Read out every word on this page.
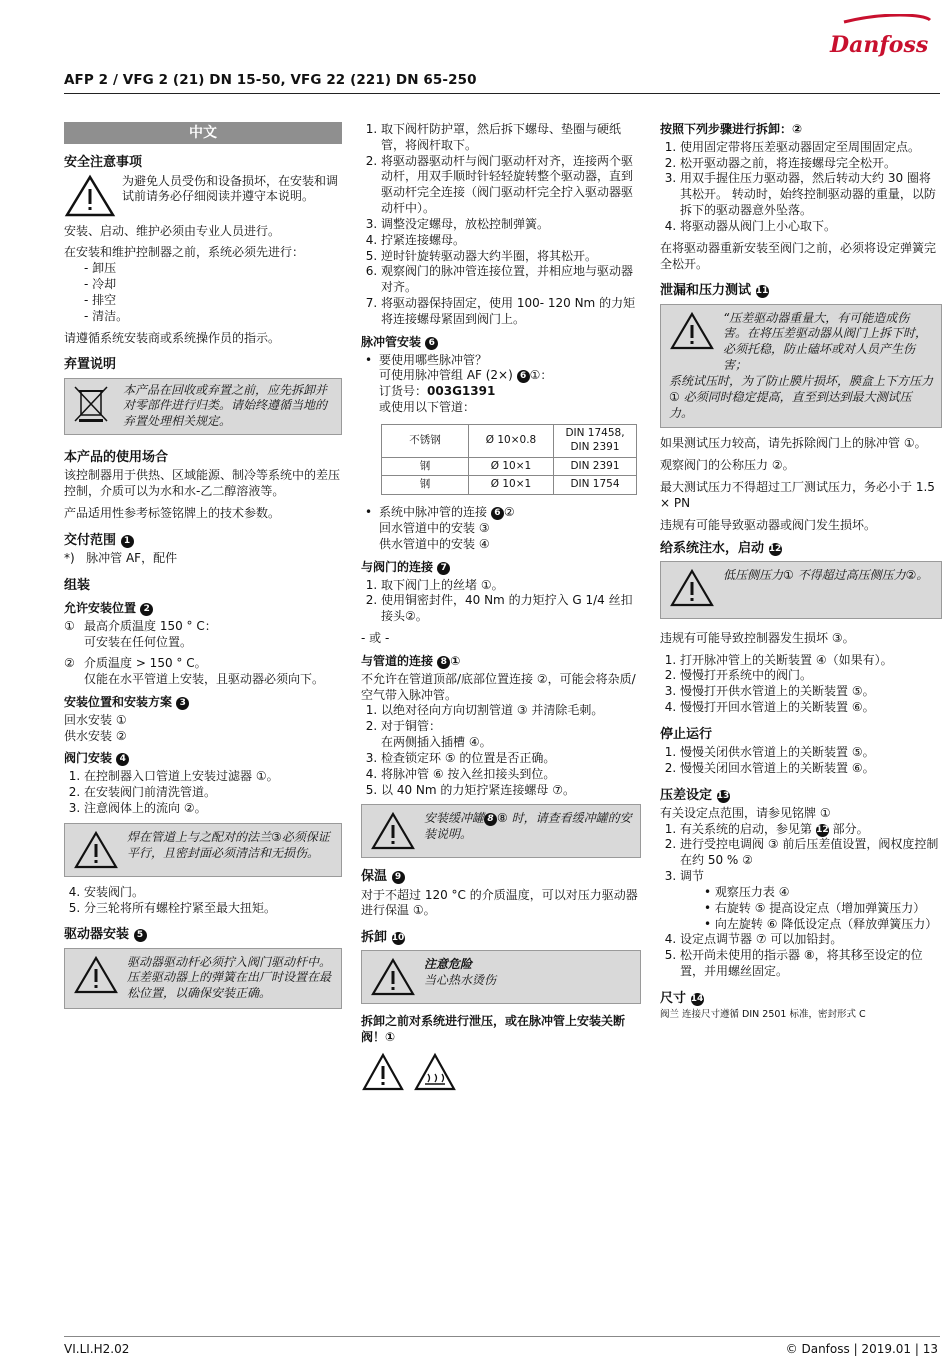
Danfoss
AFP 2 / VFG 2 (21) DN 15-50, VFG 22 (221) DN 65-250
中文
安全注意事项
为避免人员受伤和设备损坏，在安装和调试前请务必仔细阅读并遵守本说明。

安装、启动、维护必须由专业人员进行。

在安装和维护控制器之前，系统必须先进行：

- 卸压
- 冷却
- 排空
- 清洁。

请遵循系统安装商或系统操作员的指示。

弃置说明
本产品在回收或弃置之前，应先拆卸并对零部件进行归类。请始终遵循当地的弃置处理相关规定。
本产品的使用场合

该控制器用于供热、区域能源、制冷等系统中的差压控制，介质可以为水和水-乙二醇溶液等。

产品适用性参考标签铭牌上的技术参数。

交付范围 1

*) 脉冲管 AF，配件

组装
允许安装位置 2
① 最高介质温度 150 ° C：
可安装在任何位置。
② 介质温度 > 150 ° C。
仅能在水平管道上安装，且驱动器必须向下。
安装位置和安装方案 3
回水安装 ①
供水安装 ②
阀门安装 4
1. 在控制器入口管道上安装过滤器 ①。
2. 在安装阀门前清洗管道。
3. 注意阀体上的流向 ②。
焊在管道上与之配对的法兰③必须保证平行，且密封面必须清洁和无损伤。
4. 安装阀门。
5. 分三轮将所有螺栓拧紧至最大扭矩。
驱动器安装 5
驱动器驱动杆必须拧入阀门驱动杆中。压差驱动器上的弹簧在出厂时设置在最松位置，以确保安装正确。
1. 取下阀杆防护罩，然后拆下螺母、垫圈与硬纸管，将阀杆取下。
2. 将驱动器驱动杆与阀门驱动杆对齐，连接两个驱动杆，用双手顺时针轻轻旋转整个驱动器，直到驱动杆完全连接（阀门驱动杆完全拧入驱动器驱动杆中）。
3. 调整没定螺母，放松控制弹簧。
4. 拧紧连接螺母。
5. 逆时针旋转驱动器大约半圈，将其松开。
6. 观察阀门的脉冲管连接位置，并相应地与驱动器对齐。
7. 将驱动器保持固定，使用 100- 120 Nm 的力矩将连接螺母紧固到阀门上。
脉冲管安装 6
• 要使用哪些脉冲管？
可使用脉冲管组 AF (2×) 6 ①：
订货号：003G1391
或使用以下管道：
不锈钢	Ø 10×0.8	DIN 17458, DIN 2391
钢	Ø 10×1	DIN 2391
钢	Ø 10×1	DIN 1754
• 系统中脉冲管的连接 6 ②
回水管道中的安装 ③
供水管道中的安装 ④
与阀门的连接 7
1. 取下阀门上的丝堵 ①。
2. 使用铜密封件，40 Nm 的力矩拧入 G 1/4 丝扣接头②。

- 或 -

与管道的连接 8 ①

不允许在管道顶部/底部位置连接 ②，可能会将杂质/空气带入脉冲管。

1. 以绝对径向方向切割管道 ③ 并清除毛刺。
2. 对于铜管：
在两侧插入插槽 ④。
3. 检查锁定环 ⑤ 的位置是否正确。
4. 将脉冲管 ⑥ 按入丝扣接头到位。
5. 以 40 Nm 的力矩拧紧连接螺母 ⑦。
安装缓冲罐 8 ⑧ 时，请查看缓冲罐的安装说明。
保温 9

对于不超过 120 °C 的介质温度，可以对压力驱动器进行保温 ①。

拆卸 10
注意危险
当心热水烫伤

拆卸之前对系统进行泄压，或在脉冲管上安装关断阀！①

按照下列步骤进行拆卸：②
1. 使用固定带将压差驱动器固定至周围固定点。
2. 松开驱动器之前，将连接螺母完全松开。
3. 用双手握住压力驱动器，然后转动大约 30 圈将其松开。 转动时，始终控制驱动器的重量，以防拆下的驱动器意外坠落。
4. 将驱动器从阀门上小心取下。

在将驱动器重新安装至阀门之前，必须将设定弹簧完全松开。

泄漏和压力测试 11
“压差驱动器重量大，有可能造成伤害。在将压差驱动器从阀门上拆下时，必须托稳，防止磕坏或对人员产生伤害；
系统试压时，为了防止膜片损坏，膜盒上下方压力① 必须同时稳定提高，直至到达到最大测试压力。

如果测试压力较高，请先拆除阀门上的脉冲管 ①。

观察阀门的公称压力 ②。

最大测试压力不得超过工厂测试压力，务必小于 1.5 × PN

违规有可能导致驱动器或阀门发生损坏。

给系统注水，启动 12
低压侧压力① 不得超过高压侧压力②。

违规有可能导致控制器发生损坏 ③。

1. 打开脉冲管上的关断装置 ④（如果有）。
2. 慢慢打开系统中的阀门。
3. 慢慢打开供水管道上的关断装置 ⑤。
4. 慢慢打开回水管道上的关断装置 ⑥。
停止运行
1. 慢慢关闭供水管道上的关断装置 ⑤。
2. 慢慢关闭回水管道上的关断装置 ⑥。
压差设定 13

有关设定点范围，请参见铭牌 ①

1. 有关系统的启动，参见第 12 部分。
2. 进行受控电调阀 ③ 前后压差值设置，阀权度控制在约 50 % ②
3. 调节
• 观察压力表 ④
• 右旋转 ⑤ 提高设定点（增加弹簧压力）
• 向左旋转 ⑥ 降低设定点（释放弹簧压力）
4. 设定点调节器 ⑦ 可以加铅封。
5. 松开尚未使用的指示器 ⑧，将其移至设定的位置，并用螺丝固定。
尺寸 14

阀兰 连接尺寸遵循 DIN 2501 标准，密封形式 C

VI.LI.H2.02	© Danfoss | 2019.01 | 13
